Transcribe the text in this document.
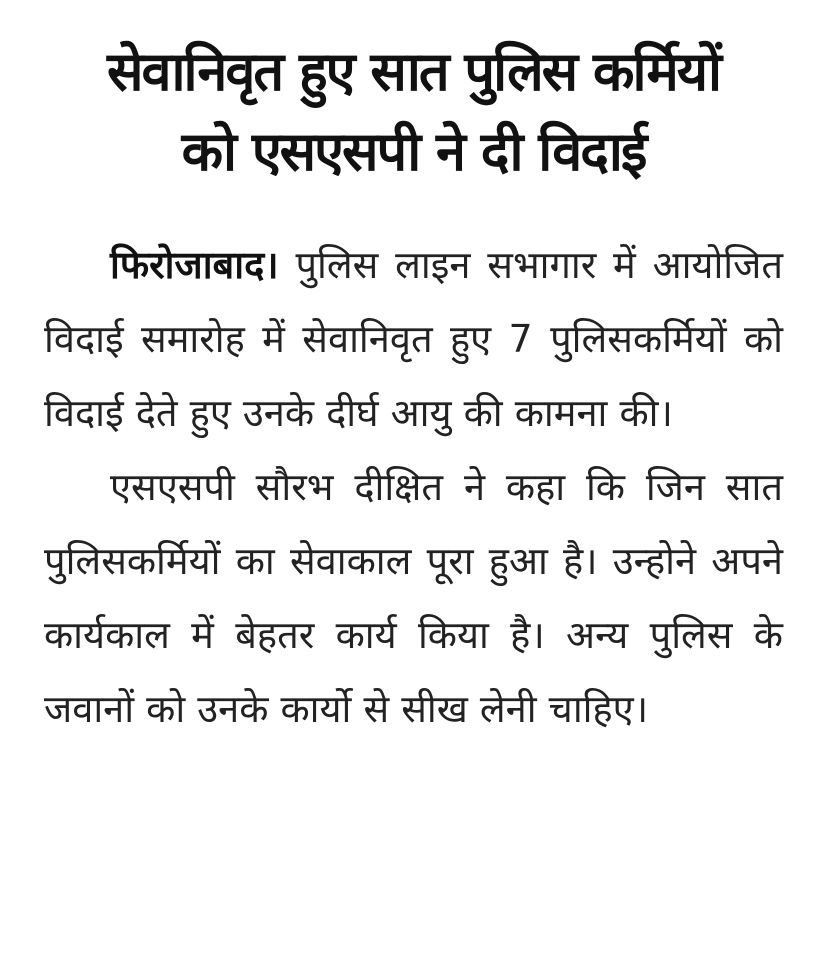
सेवानिवृत हुए सात पुलिस कर्मियों
को एसएसपी ने दी विदाई

फिरोजाबाद। पुलिस लाइन सभागार में आयोजित विदाई समारोह में सेवानिवृत हुए 7 पुलिसकर्मियों को विदाई देते हुए उनके दीर्घ आयु की कामना की।

एसएसपी सौरभ दीक्षित ने कहा कि जिन सात पुलिसकर्मियों का सेवाकाल पूरा हुआ है। उन्होने अपने कार्यकाल में बेहतर कार्य किया है। अन्य पुलिस के जवानों को उनके कार्यो से सीख लेनी चाहिए।
